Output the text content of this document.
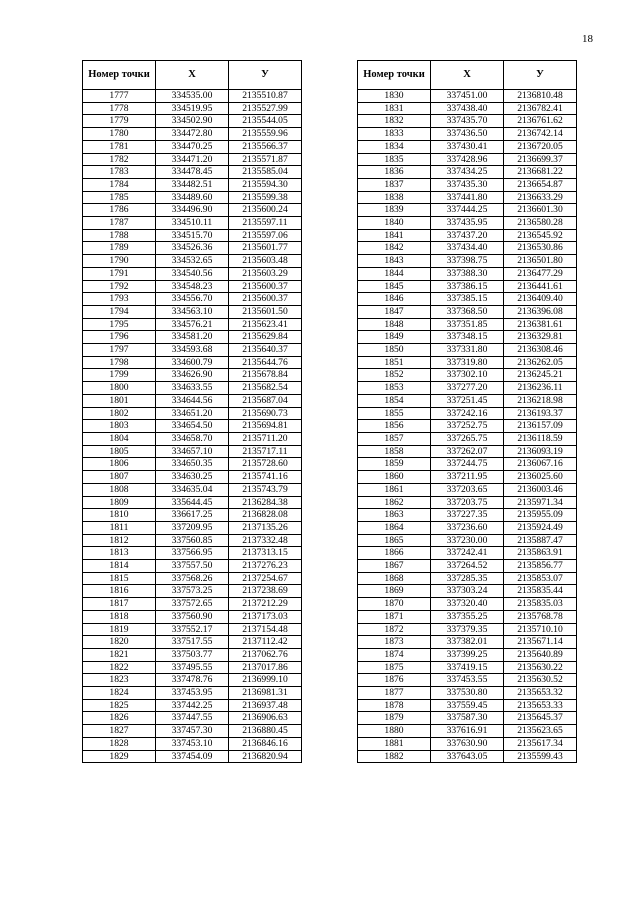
18
Номер точки	X	У
1777	334535.00	2135510.87
1778	334519.95	2135527.99
1779	334502.90	2135544.05
1780	334472.80	2135559.96
1781	334470.25	2135566.37
1782	334471.20	2135571.87
1783	334478.45	2135585.04
1784	334482.51	2135594.30
1785	334489.60	2135599.38
1786	334496.90	2135600.24
1787	334510.11	2135597.11
1788	334515.70	2135597.06
1789	334526.36	2135601.77
1790	334532.65	2135603.48
1791	334540.56	2135603.29
1792	334548.23	2135600.37
1793	334556.70	2135600.37
1794	334563.10	2135601.50
1795	334576.21	2135623.41
1796	334581.20	2135629.84
1797	334593.68	2135640.37
1798	334600.79	2135644.76
1799	334626.90	2135678.84
1800	334633.55	2135682.54
1801	334644.56	2135687.04
1802	334651.20	2135690.73
1803	334654.50	2135694.81
1804	334658.70	2135711.20
1805	334657.10	2135717.11
1806	334650.35	2135728.60
1807	334630.25	2135741.16
1808	334635.04	2135743.79
1809	335644.45	2136284.38
1810	336617.25	2136828.08
1811	337209.95	2137135.26
1812	337560.85	2137332.48
1813	337566.95	2137313.15
1814	337557.50	2137276.23
1815	337568.26	2137254.67
1816	337573.25	2137238.69
1817	337572.65	2137212.29
1818	337560.90	2137173.03
1819	337552.17	2137154.48
1820	337517.55	2137112.42
1821	337503.77	2137062.76
1822	337495.55	2137017.86
1823	337478.76	2136999.10
1824	337453.95	2136981.31
1825	337442.25	2136937.48
1826	337447.55	2136906.63
1827	337457.30	2136880.45
1828	337453.10	2136846.16
1829	337454.09	2136820.94
Номер точки	X	У
1830	337451.00	2136810.48
1831	337438.40	2136782.41
1832	337435.70	2136761.62
1833	337436.50	2136742.14
1834	337430.41	2136720.05
1835	337428.96	2136699.37
1836	337434.25	2136681.22
1837	337435.30	2136654.87
1838	337441.80	2136633.29
1839	337444.25	2136601.30
1840	337435.95	2136580.28
1841	337437.20	2136545.92
1842	337434.40	2136530.86
1843	337398.75	2136501.80
1844	337388.30	2136477.29
1845	337386.15	2136441.61
1846	337385.15	2136409.40
1847	337368.50	2136396.08
1848	337351.85	2136381.61
1849	337348.15	2136329.81
1850	337331.80	2136308.46
1851	337319.80	2136262.05
1852	337302.10	2136245.21
1853	337277.20	2136236.11
1854	337251.45	2136218.98
1855	337242.16	2136193.37
1856	337252.75	2136157.09
1857	337265.75	2136118.59
1858	337262.07	2136093.19
1859	337244.75	2136067.16
1860	337211.95	2136025.60
1861	337203.65	2136003.46
1862	337203.75	2135971.34
1863	337227.35	2135955.09
1864	337236.60	2135924.49
1865	337230.00	2135887.47
1866	337242.41	2135863.91
1867	337264.52	2135856.77
1868	337285.35	2135853.07
1869	337303.24	2135835.44
1870	337320.40	2135835.03
1871	337355.25	2135768.78
1872	337379.35	2135710.10
1873	337382.01	2135671.14
1874	337399.25	2135640.89
1875	337419.15	2135630.22
1876	337453.55	2135630.52
1877	337530.80	2135653.32
1878	337559.45	2135653.33
1879	337587.30	2135645.37
1880	337616.91	2135623.65
1881	337630.90	2135617.34
1882	337643.05	2135599.43
